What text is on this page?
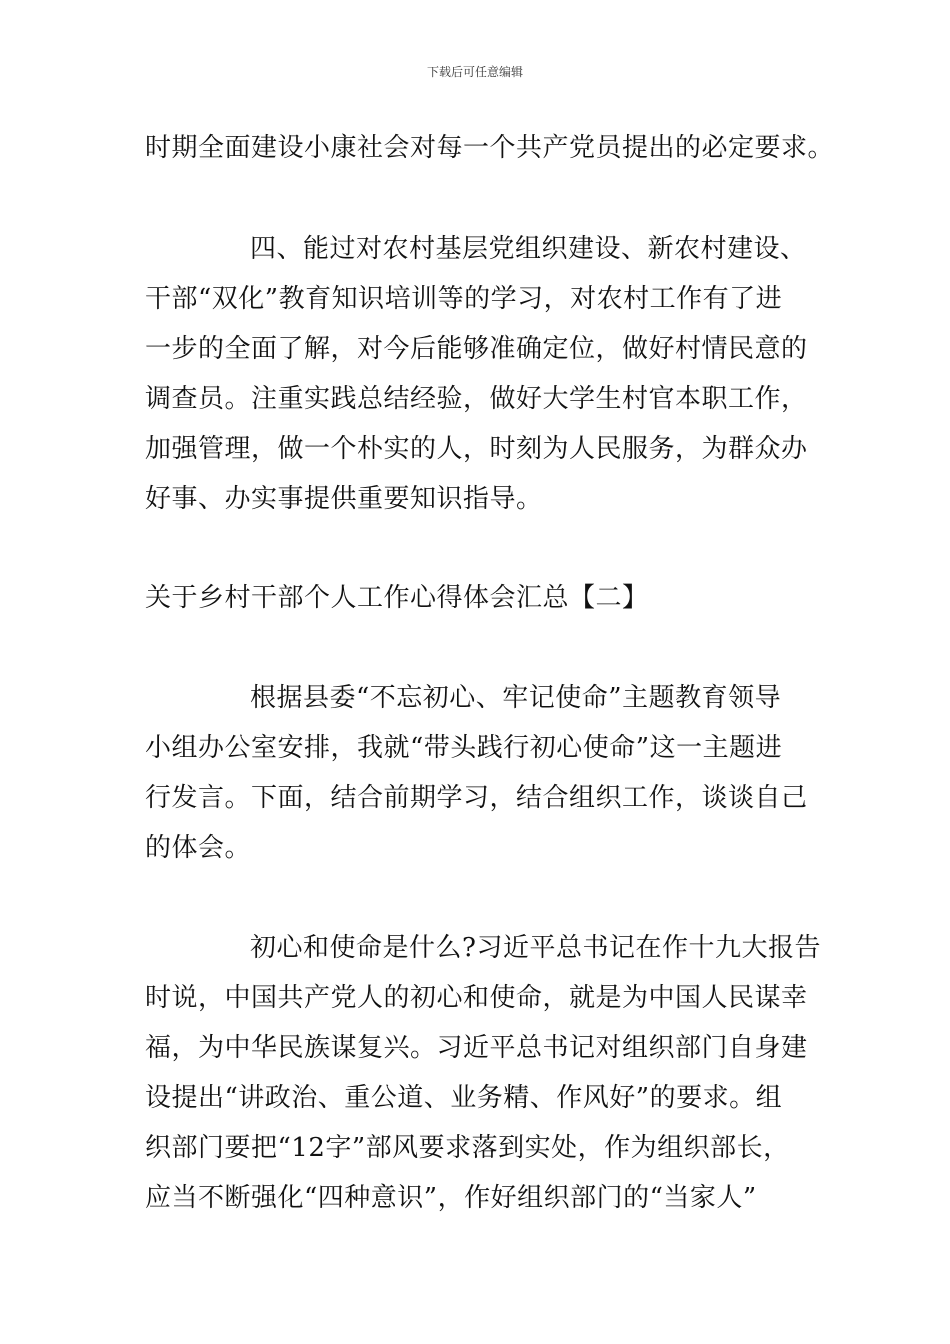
下载后可任意编辑
时期全面建设小康社会对每一个共产党员提出的必定要求。
四、能过对农村基层党组织建设、新农村建设、
干部“双化”教育知识培训等的学习，对农村工作有了进
一步的全面了解，对今后能够准确定位，做好村情民意的
调查员。注重实践总结经验，做好大学生村官本职工作，
加强管理，做一个朴实的人，时刻为人民服务，为群众办
好事、办实事提供重要知识指导。
关于乡村干部个人工作心得体会汇总【二】
根据县委“不忘初心、牢记使命”主题教育领导
小组办公室安排，我就“带头践行初心使命”这一主题进
行发言。下面，结合前期学习，结合组织工作，谈谈自己
的体会。
初心和使命是什么?习近平总书记在作十九大报告
时说，中国共产党人的初心和使命，就是为中国人民谋幸
福，为中华民族谋复兴。习近平总书记对组织部门自身建
设提出“讲政治、重公道、业务精、作风好”的要求。组
织部门要把“12字”部风要求落到实处，作为组织部长，
应当不断强化“四种意识”，作好组织部门的“当家人”
